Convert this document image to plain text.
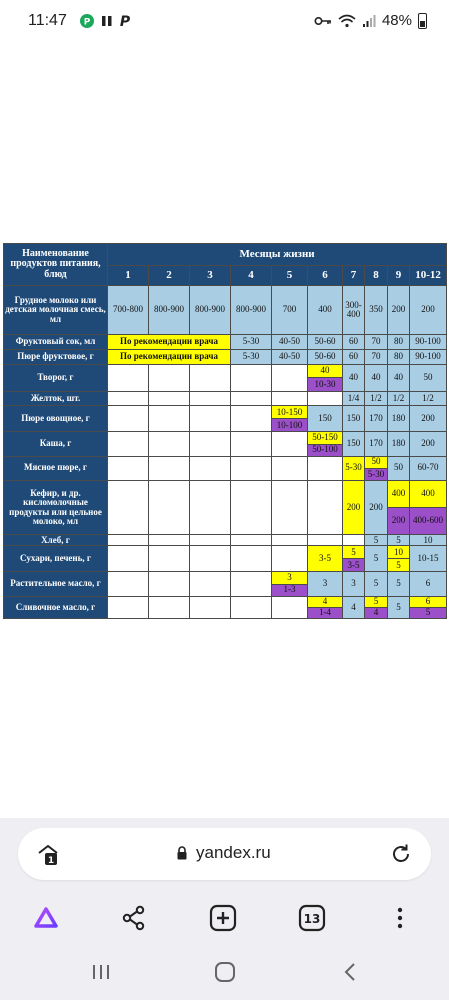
11:47 P P	48%
Наименование продуктов питания, блюд	Месяцы жизни									
	1	2	3	4	5	6	7	8	9	10-12
Грудное молоко или детская молочная смесь, мл	700-800	800-900	800-900	800-900	700	400	300-400	350	200	200
Фруктовый сок, мл	По рекомендации врача			5-30	40-50	50-60	60	70	80	90-100
Пюре фруктовое, г	По рекомендации врача			5-30	40-50	50-60	60	70	80	90-100
Творог, г						40	40	40	40	50
						10-30				
Желток, шт.							1/4	1/2	1/2	1/2
Пюре овощное, г					10-150	150	150	170	180	200
					10-100					
Каша, г						50-150	150	170	180	200
						50-100				
Мясное пюре, г							5-30	50	50	60-70
								5-30		
Кефир, и др. кисломолочные продукты или цельное молоко, мл							200	200	400	400
									200	400-600
Хлеб, г								5	5	10
Сухари, печень, г						3-5	5	5	10	10-15
							3-5		5	
Растительное масло, г					3	3	3	5	5	6
					1-3					
Сливочное масло, г						4	4	5	5	6
						1-4		4		5
1	yandex.ru
13
